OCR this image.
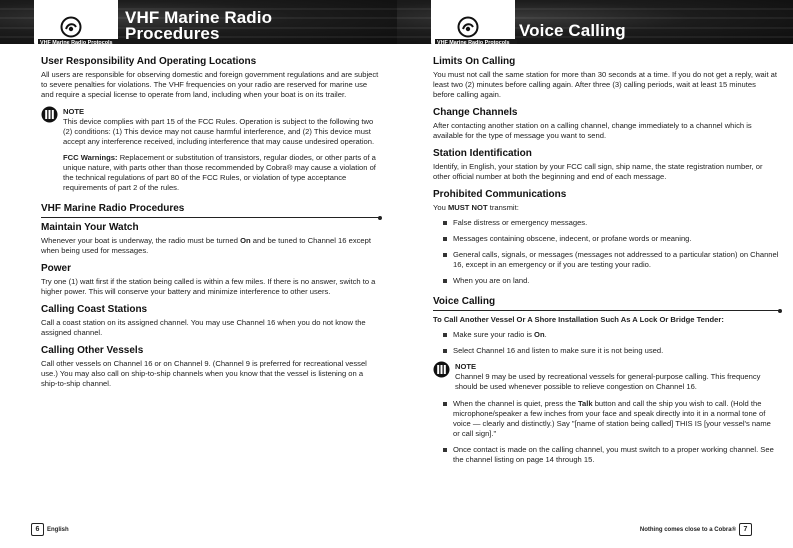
VHF Marine Radio Protocols
VHF Marine Radio
Procedures
User Responsibility And Operating Locations

All users are responsible for observing domestic and foreign government regulations and are subject to severe penalties for violations. The VHF frequencies on your radio are reserved for marine use and require a special license to operate from land, including when your boat is on its trailer.

NOTE

This device complies with part 15 of the FCC Rules. Operation is subject to the following two (2) conditions: (1) This device may not cause harmful interference, and (2) This device must accept any interference received, including interference that may cause undesired operation.

FCC Warnings: Replacement or substitution of transistors, regular diodes, or other parts of a unique nature, with parts other than those recommended by Cobra® may cause a violation of the technical regulations of part 80 of the FCC Rules, or violation of type acceptance requirements of part 2 of the rules.

VHF Marine Radio Procedures
Maintain Your Watch

Whenever your boat is underway, the radio must be turned On and be tuned to Channel 16 except when being used for messages.

Power

Try one (1) watt first if the station being called is within a few miles. If there is no answer, switch to a higher power. This will conserve your battery and minimize interference to other users.

Calling Coast Stations

Call a coast station on its assigned channel. You may use Channel 16 when you do not know the assigned channel.

Calling Other Vessels

Call other vessels on Channel 16 or on Channel 9. (Channel 9 is preferred for recreational vessel use.) You may also call on ship-to-ship channels when you know that the vessel is listening on a ship-to-ship channel.

6	English
VHF Marine Radio Protocols
Voice Calling
Limits On Calling

You must not call the same station for more than 30 seconds at a time. If you do not get a reply, wait at least two (2) minutes before calling again. After three (3) calling periods, wait at least 15 minutes before calling again.

Change Channels

After contacting another station on a calling channel, change immediately to a channel which is available for the type of message you want to send.

Station Identification

Identify, in English, your station by your FCC call sign, ship name, the state registration number, or other official number at both the beginning and end of each message.

Prohibited Communications

You MUST NOT transmit:

False distress or emergency messages.
Messages containing obscene, indecent, or profane words or meaning.
General calls, signals, or messages (messages not addressed to a particular station) on Channel 16, except in an emergency or if you are testing your radio.
When you are on land.
Voice Calling

To Call Another Vessel Or A Shore Installation Such As A Lock Or Bridge Tender:

Make sure your radio is On.
Select Channel 16 and listen to make sure it is not being used.
NOTE

Channel 9 may be used by recreational vessels for general-purpose calling. This frequency should be used whenever possible to relieve congestion on Channel 16.

When the channel is quiet, press the Talk button and call the ship you wish to call. (Hold the microphone/speaker a few inches from your face and speak directly into it in a normal tone of voice — clearly and distinctly.) Say "[name of station being called] THIS IS [your vessel's name or call sign]."
Once contact is made on the calling channel, you must switch to a proper working channel. See the channel listing on page 14 through 15.
Nothing comes close to a Cobra®	7
